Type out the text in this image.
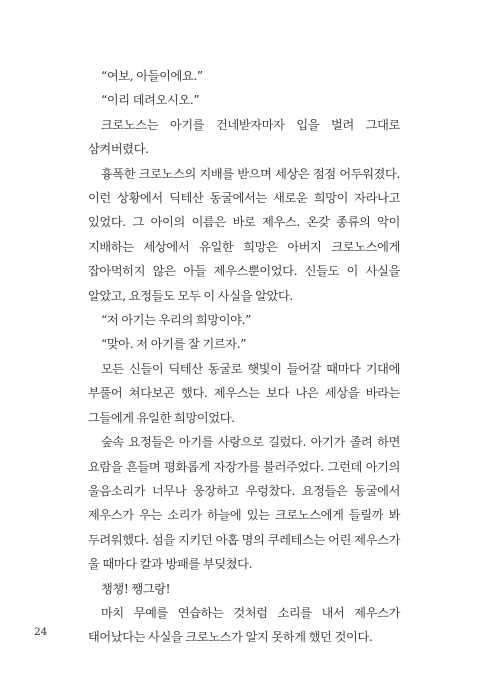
“여보, 아들이에요.”

“이리 데려오시오.”

크로노스는 아기를 건네받자마자 입을 벌려 그대로 삼켜버렸다.

흉폭한 크로노스의 지배를 받으며 세상은 점점 어두워졌다. 이런 상황에서 딕테산 동굴에서는 새로운 희망이 자라나고 있었다. 그 아이의 이름은 바로 제우스. 온갖 종류의 악이 지배하는 세상에서 유일한 희망은 아버지 크로노스에게 잡아먹히지 않은 아들 제우스뿐이었다. 신들도 이 사실을 알았고, 요정들도 모두 이 사실을 알았다.

“저 아기는 우리의 희망이야.”

“맞아. 저 아기를 잘 기르자.”

모든 신들이 딕테산 동굴로 햇빛이 들어갈 때마다 기대에 부풀어 쳐다보곤 했다. 제우스는 보다 나은 세상을 바라는 그들에게 유일한 희망이었다.

숲속 요정들은 아기를 사랑으로 길렀다. 아기가 졸려 하면 요람을 흔들며 평화롭게 자장가를 불러주었다. 그런데 아기의 울음소리가 너무나 웅장하고 우렁찼다. 요정들은 동굴에서 제우스가 우는 소리가 하늘에 있는 크로노스에게 들릴까 봐 두려워했다. 섬을 지키던 아홉 명의 쿠레테스는 어린 제우스가 울 때마다 칼과 방패를 부딪쳤다.

챙챙! 쨍그랑!

마치 무예를 연습하는 것처럼 소리를 내서 제우스가 태어났다는 사실을 크로노스가 알지 못하게 했던 것이다.

24
